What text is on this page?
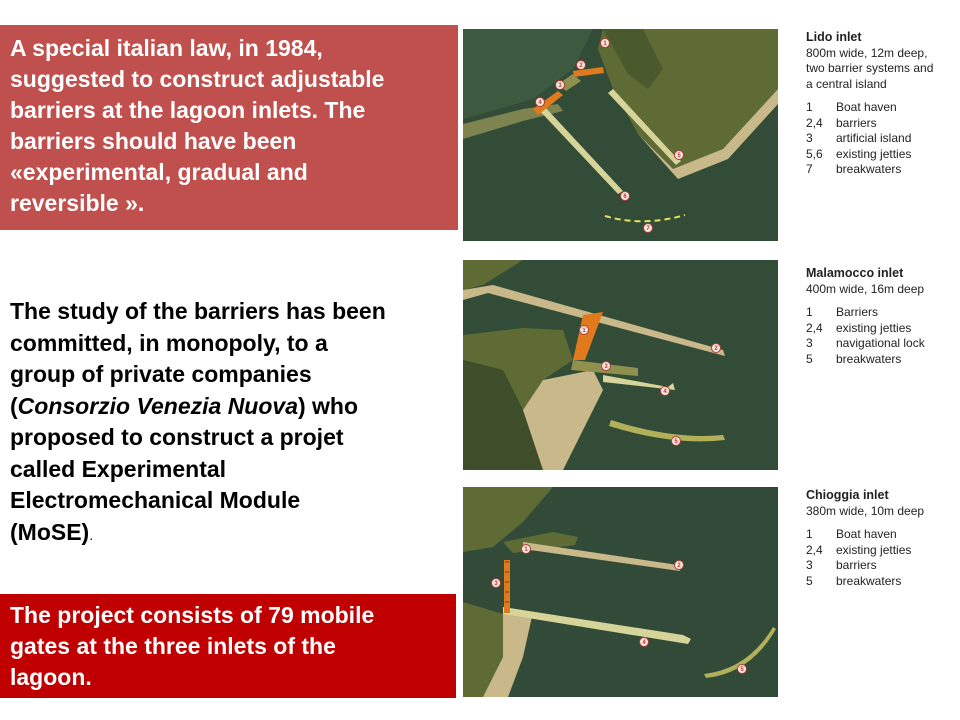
A special italian law, in 1984,
suggested to construct adjustable
barriers at the lagoon inlets. The
barriers should have been
«experimental, gradual and
reversible ».
The study of the barriers has been
committed, in monopoly, to a
group of private companies
(Consorzio Venezia Nuova) who
proposed to construct a projet
called Experimental
Electromechanical Module
(MoSE).
The project consists of 79 mobile
gates at the three inlets of the
lagoon.
1
2
3
4
5
6
7
1
2
3
4
5
1
2
3
4
5
Lido inlet
800m wide, 12m deep,
two barrier systems and
a central island
1 Boat haven
2,4 barriers
3 artificial island
5,6 existing jetties
7 breakwaters
Malamocco inlet
400m wide, 16m deep
1 Barriers
2,4 existing jetties
3 navigational lock
5 breakwaters
Chioggia inlet
380m wide, 10m deep
1 Boat haven
2,4 existing jetties
3 barriers
5 breakwaters
